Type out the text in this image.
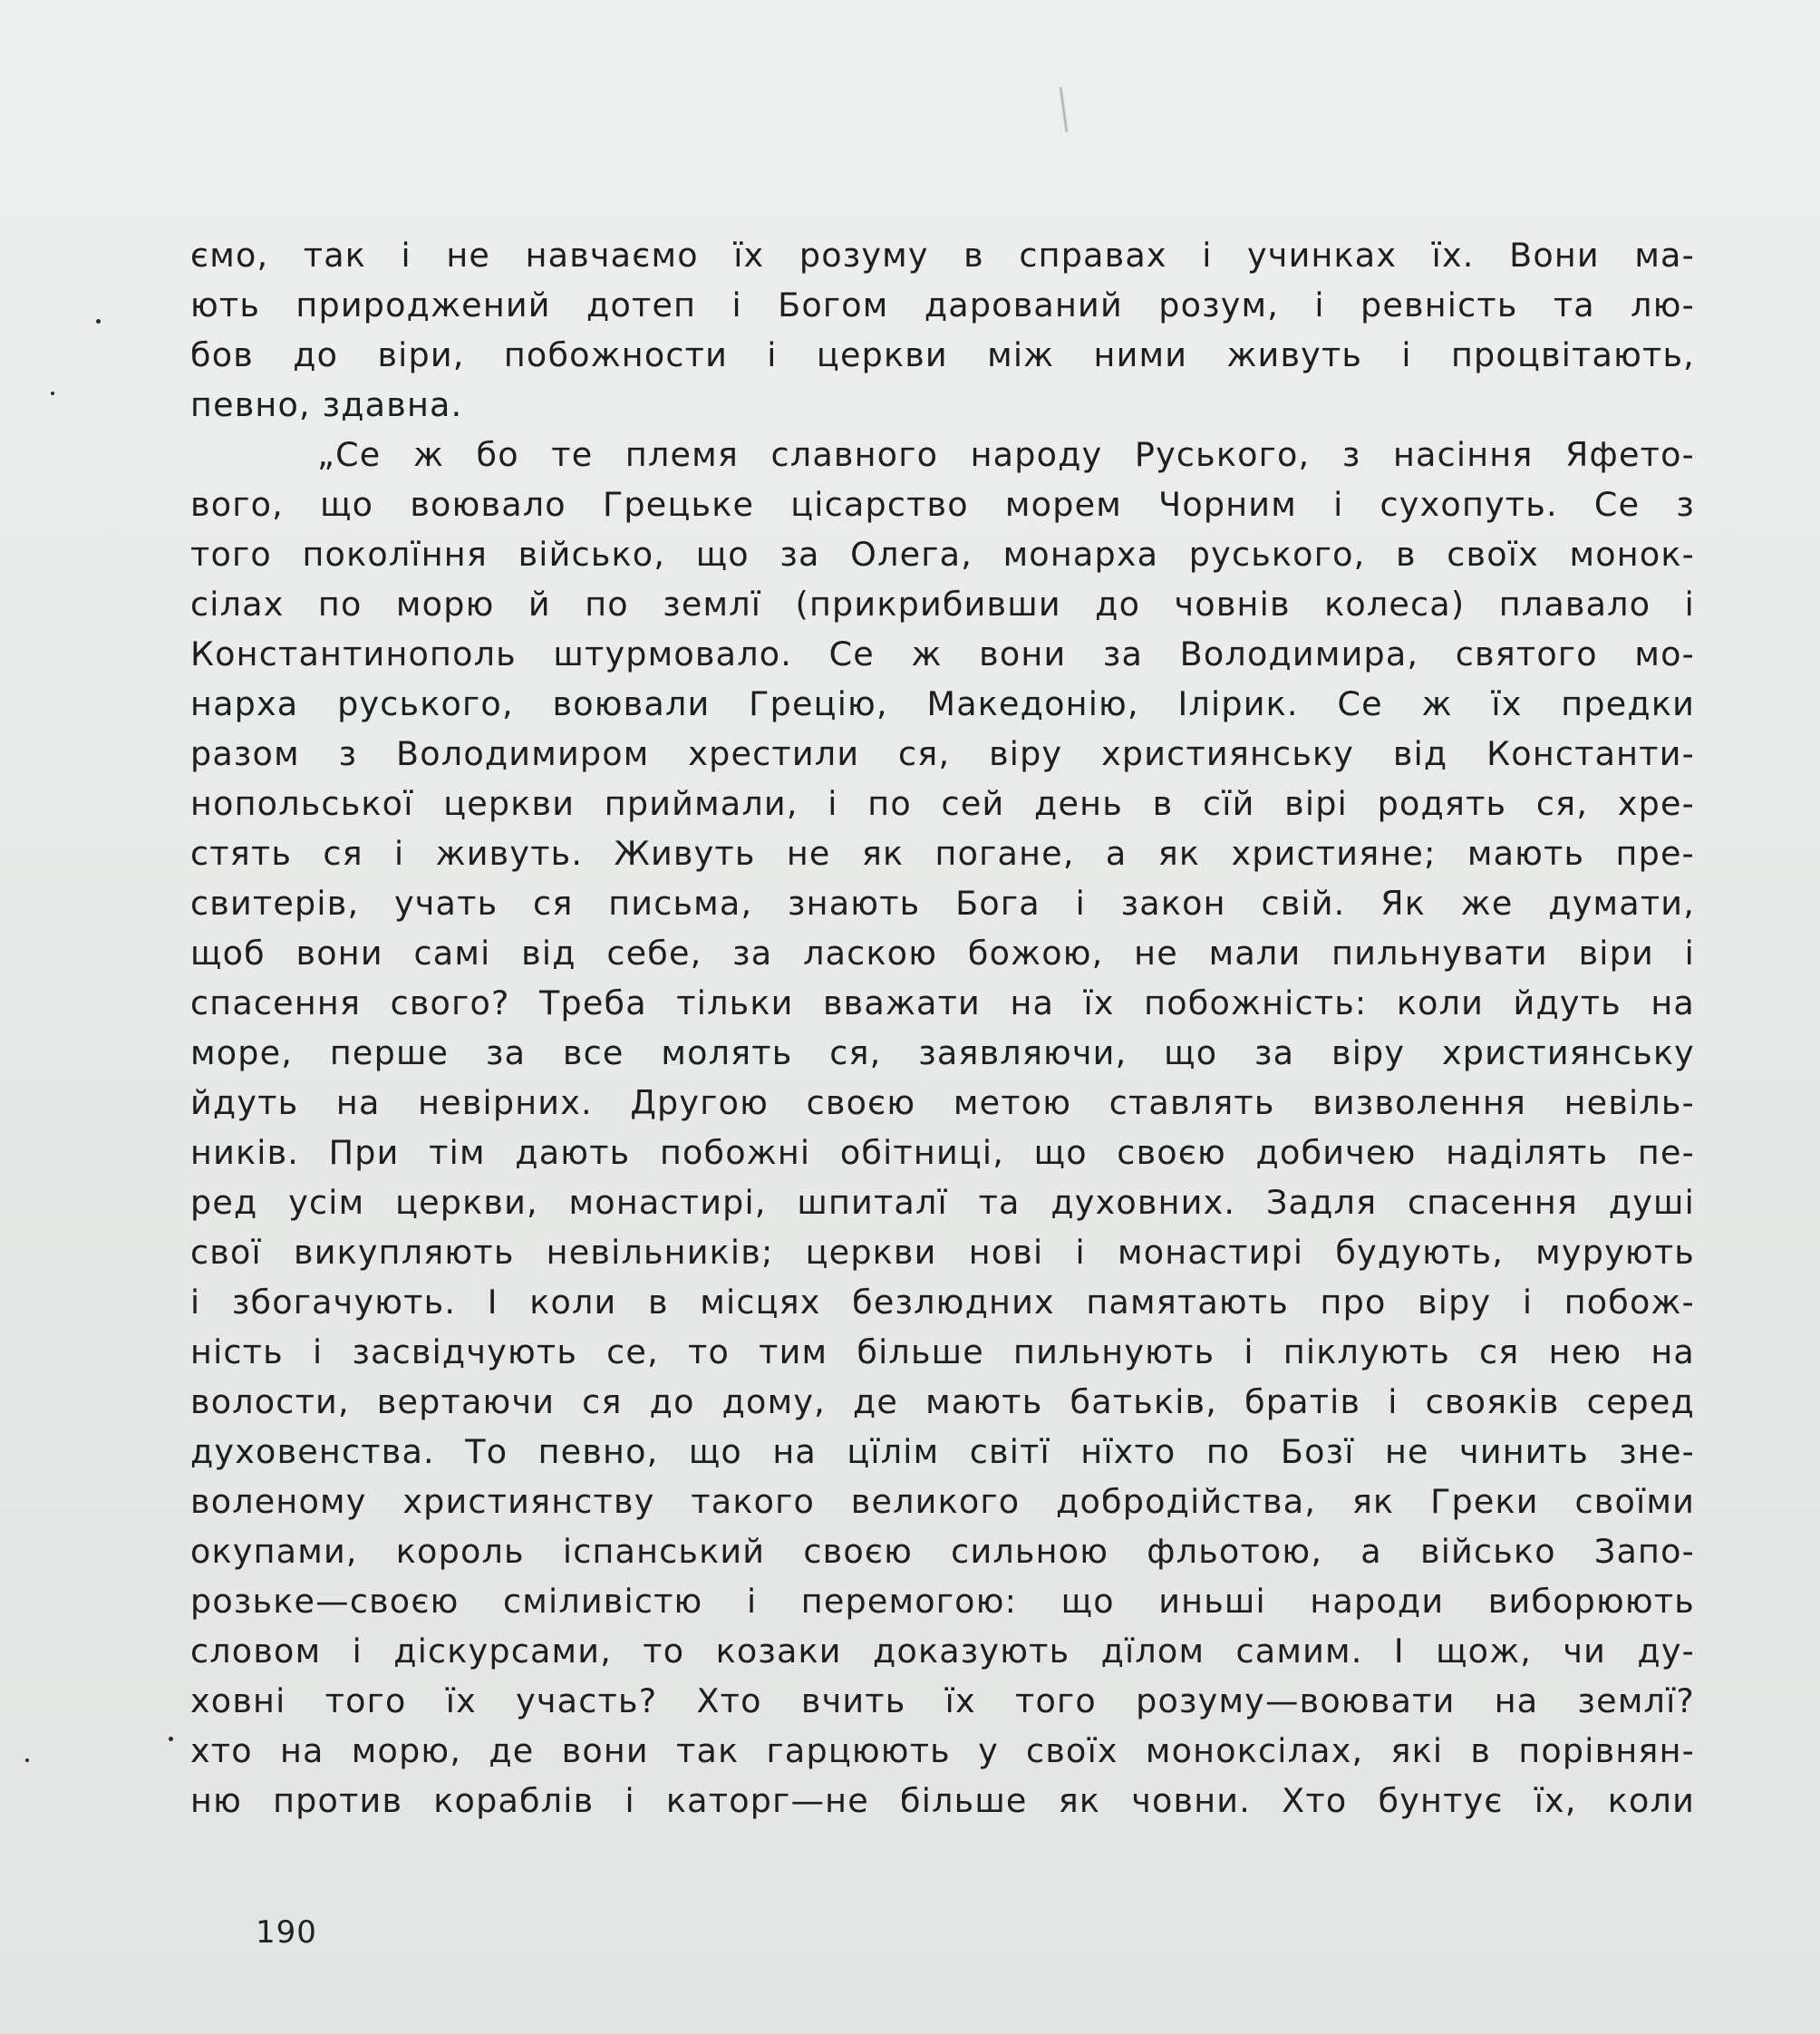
ємо, так і не навчаємо їх розуму в справах і учинках їх. Вони ма-
ють природжений дотеп і Богом дарований розум, і ревність та лю-
бов до віри, побожности і церкви між ними живуть і процвітають,
певно, здавна.
„Се ж бо те племя славного народу Руського, з насіння Яфето-
вого, що воювало Грецьке цісарство морем Чорним і сухопуть. Се з
того поколїння військо, що за Олега, монарха руського, в своїх монок-
сілах по морю й по землї (прикрибивши до човнів колеса) плавало і
Константинополь штурмовало. Се ж вони за Володимира, святого мо-
нарха руського, воювали Грецію, Македонію, Ілірик. Се ж їх предки
разом з Володимиром хрестили ся, віру християнську від Константи-
нопольської церкви приймали, і по сей день в сїй вірі родять ся, хре-
стять ся і живуть. Живуть не як погане, а як християне; мають пре-
свитерів, учать ся письма, знають Бога і закон свій. Як же думати,
щоб вони самі від себе, за ласкою божою, не мали пильнувати віри і
спасення свого? Треба тільки вважати на їх побожність: коли йдуть на
море, перше за все молять ся, заявляючи, що за віру християнську
йдуть на невірних. Другою своєю метою ставлять визволення невіль-
ників. При тім дають побожні обітниці, що своєю добичею наділять пе-
ред усім церкви, монастирі, шпиталї та духовних. Задля спасення душі
свої викупляють невільників; церкви нові і монастирі будують, мурують
і збогачують. І коли в місцях безлюдних памятають про віру і побож-
ність і засвідчують се, то тим більше пильнують і піклують ся нею на
волости, вертаючи ся до дому, де мають батьків, братів і свояків серед
духовенства. То певно, що на цїлім світї нїхто по Бозї не чинить зне-
воленому християнству такого великого добродійства, як Греки своїми
окупами, король іспанський своєю сильною фльотою, а військо Запо-
розьке—своєю сміливістю і перемогою: що иньші народи виборюють
словом і діскурсами, то козаки доказують дїлом самим. І щож, чи ду-
ховні того їх участь? Хто вчить їх того розуму—воювати на землї?
хто на морю, де вони так гарцюють у своїх моноксілах, які в порівнян-
ню против кораблів і каторг—не більше як човни. Хто бунтує їх, коли
190
